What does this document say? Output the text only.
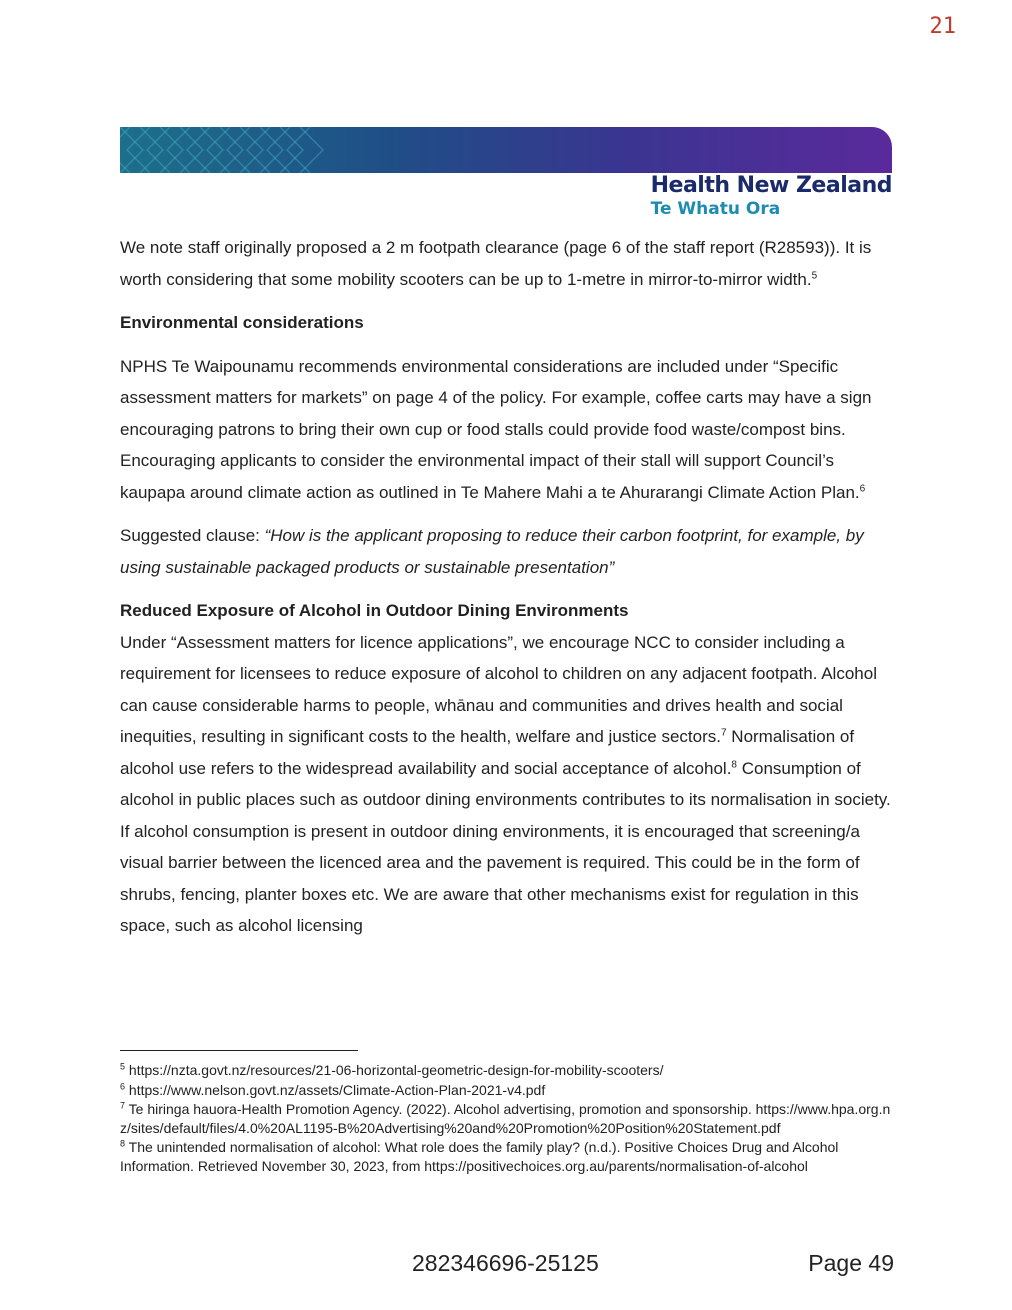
21
Health New Zealand
Te Whatu Ora

We note staff originally proposed a 2 m footpath clearance (page 6 of the staff report (R28593)). It is worth considering that some mobility scooters can be up to 1-metre in mirror-to-mirror width.$^5$

Environmental considerations

NPHS Te Waipounamu recommends environmental considerations are included under “Specific assessment matters for markets” on page 4 of the policy. For example, coffee carts may have a sign encouraging patrons to bring their own cup or food stalls could provide food waste/compost bins. Encouraging applicants to consider the environmental impact of their stall will support Council’s kaupapa around climate action as outlined in Te Mahere Mahi a te Ahurarangi Climate Action Plan.$^6$

Suggested clause: “How is the applicant proposing to reduce their carbon footprint, for example, by using sustainable packaged products or sustainable presentation”

Reduced Exposure of Alcohol in Outdoor Dining Environments

Under “Assessment matters for licence applications”, we encourage NCC to consider including a requirement for licensees to reduce exposure of alcohol to children on any adjacent footpath. Alcohol can cause considerable harms to people, whānau and communities and drives health and social inequities, resulting in significant costs to the health, welfare and justice sectors.$^7$ Normalisation of alcohol use refers to the widespread availability and social acceptance of alcohol.$^8$ Consumption of alcohol in public places such as outdoor dining environments contributes to its normalisation in society. If alcohol consumption is present in outdoor dining environments, it is encouraged that screening/a visual barrier between the licenced area and the pavement is required. This could be in the form of shrubs, fencing, planter boxes etc. We are aware that other mechanisms exist for regulation in this space, such as alcohol licensing

$^5$ https://nzta.govt.nz/resources/21-06-horizontal-geometric-design-for-mobility-scooters/
$^6$ https://www.nelson.govt.nz/assets/Climate-Action-Plan-2021-v4.pdf
$^7$ Te hiringa hauora-Health Promotion Agency. (2022). Alcohol advertising, promotion and sponsorship. https://www.hpa.org.nz/sites/default/files/4.0%20AL1195-B%20Advertising%20and%20Promotion%20Position%20Statement.pdf
$^8$ The unintended normalisation of alcohol: What role does the family play? (n.d.). Positive Choices Drug and Alcohol Information. Retrieved November 30, 2023, from https://positivechoices.org.au/parents/normalisation-of-alcohol
282346696-25125	Page 49
